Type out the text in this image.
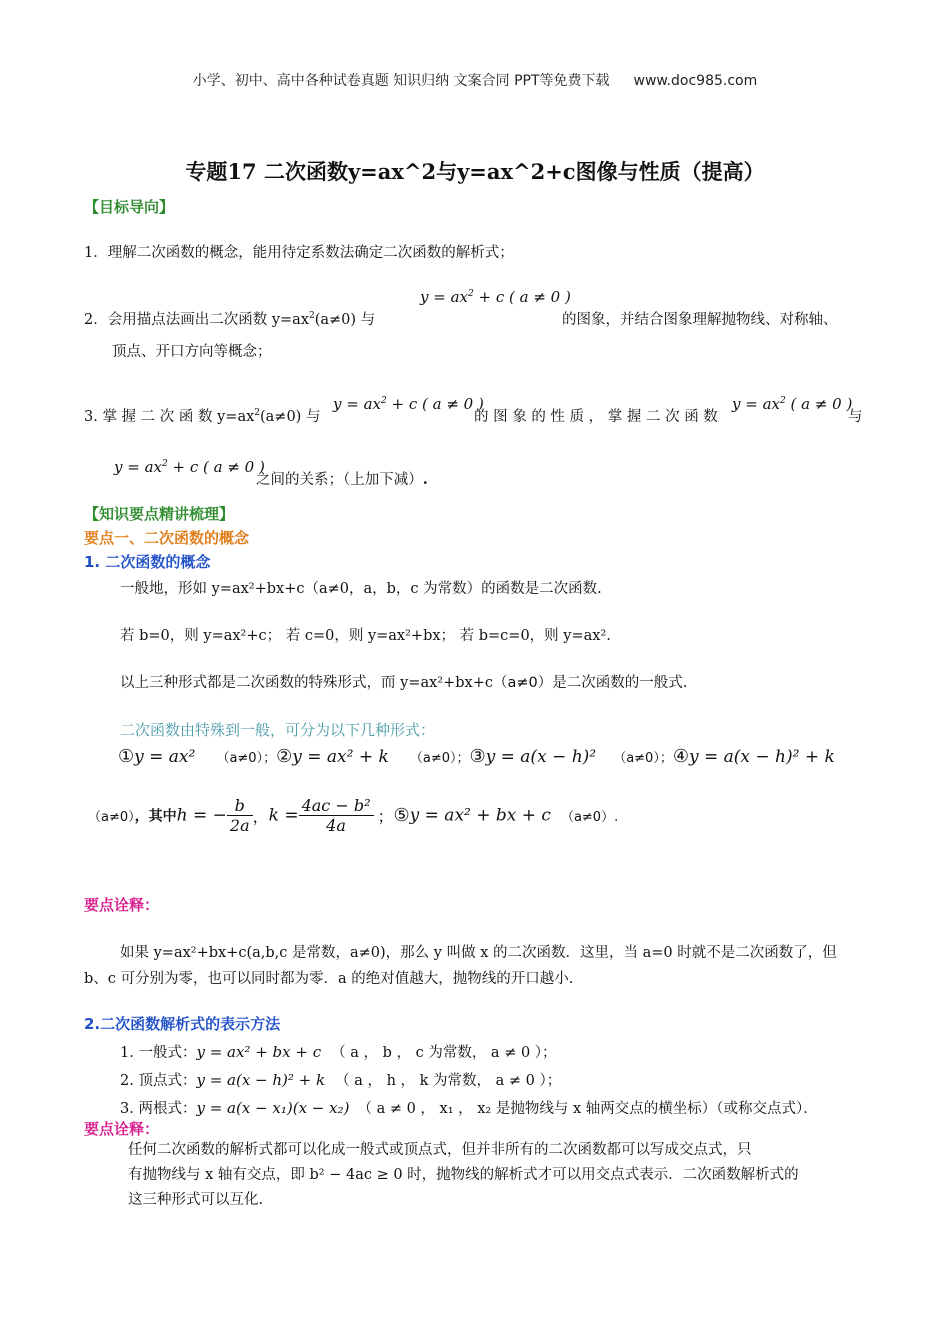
小学、初中、高中各种试卷真题 知识归纳 文案合同 PPT等免费下载 www.doc985.com
专题17 二次函数y=ax^2与y=ax^2+c图像与性质（提高）
【目标导向】
1．理解二次函数的概念，能用待定系数法确定二次函数的解析式；
2．会用描点法画出二次函数 $y=ax^2(a\ne 0)$ 与
$y = ax^2 + c$ ( a ≠ 0 )
的图象，并结合图象理解抛物线、对称轴、
顶点、开口方向等概念；
3. 掌 握 二 次 函 数 $y=ax^2(a\ne 0)$ 与
$y = ax^2 + c$ ( a ≠ 0 )
的 图 象 的 性 质 ， 掌 握 二 次 函 数
$y = ax^2$ ( a ≠ 0 )
与
$y = ax^2 + c$ ( a ≠ 0 )
之间的关系；（上加下减）.
【知识要点精讲梳理】
要点一、二次函数的概念
1. 二次函数的概念
一般地，形如 y=ax²+bx+c（a≠0，a，b，c 为常数）的函数是二次函数.
若 b=0，则 y=ax²+c； 若 c=0，则 y=ax²+bx； 若 b=c=0，则 y=ax².
以上三种形式都是二次函数的特殊形式，而 y=ax²+bx+c（a≠0）是二次函数的一般式.
二次函数由特殊到一般，可分为以下几种形式：
①y = ax² （a≠0）；②y = ax² + k （a≠0）；③y = a(x − h)² （a≠0）；④y = a(x − h)² + k
（a≠0），其中h = − $\frac{b}{2a}$ ，$k = \frac{\text{4ac − b²}}{4a}$ ；⑤y = ax² + bx + c （a≠0）.
要点诠释：
如果 y=ax²+bx+c(a,b,c 是常数，a≠0)，那么 y 叫做 x 的二次函数．这里，当 a=0 时就不是二次函数了，但
b、c 可分别为零，也可以同时都为零．a 的绝对值越大，抛物线的开口越小.
2.二次函数解析式的表示方法
1. 一般式：y = ax² + bx + c （ a ， b ， c 为常数， a ≠ 0 ）；
2. 顶点式：y = a(x − h)² + k （ a ， h ， k 为常数， a ≠ 0 ）；
3. 两根式：y = a(x − x₁)(x − x₂) （ a ≠ 0 ， x₁ ， x₂ 是抛物线与 x 轴两交点的横坐标）（或称交点式）．
要点诠释：
任何二次函数的解析式都可以化成一般式或顶点式，但并非所有的二次函数都可以写成交点式，只
有抛物线与 x 轴有交点，即 b² − 4ac ≥ 0 时，抛物线的解析式才可以用交点式表示．二次函数解析式的
这三种形式可以互化.
